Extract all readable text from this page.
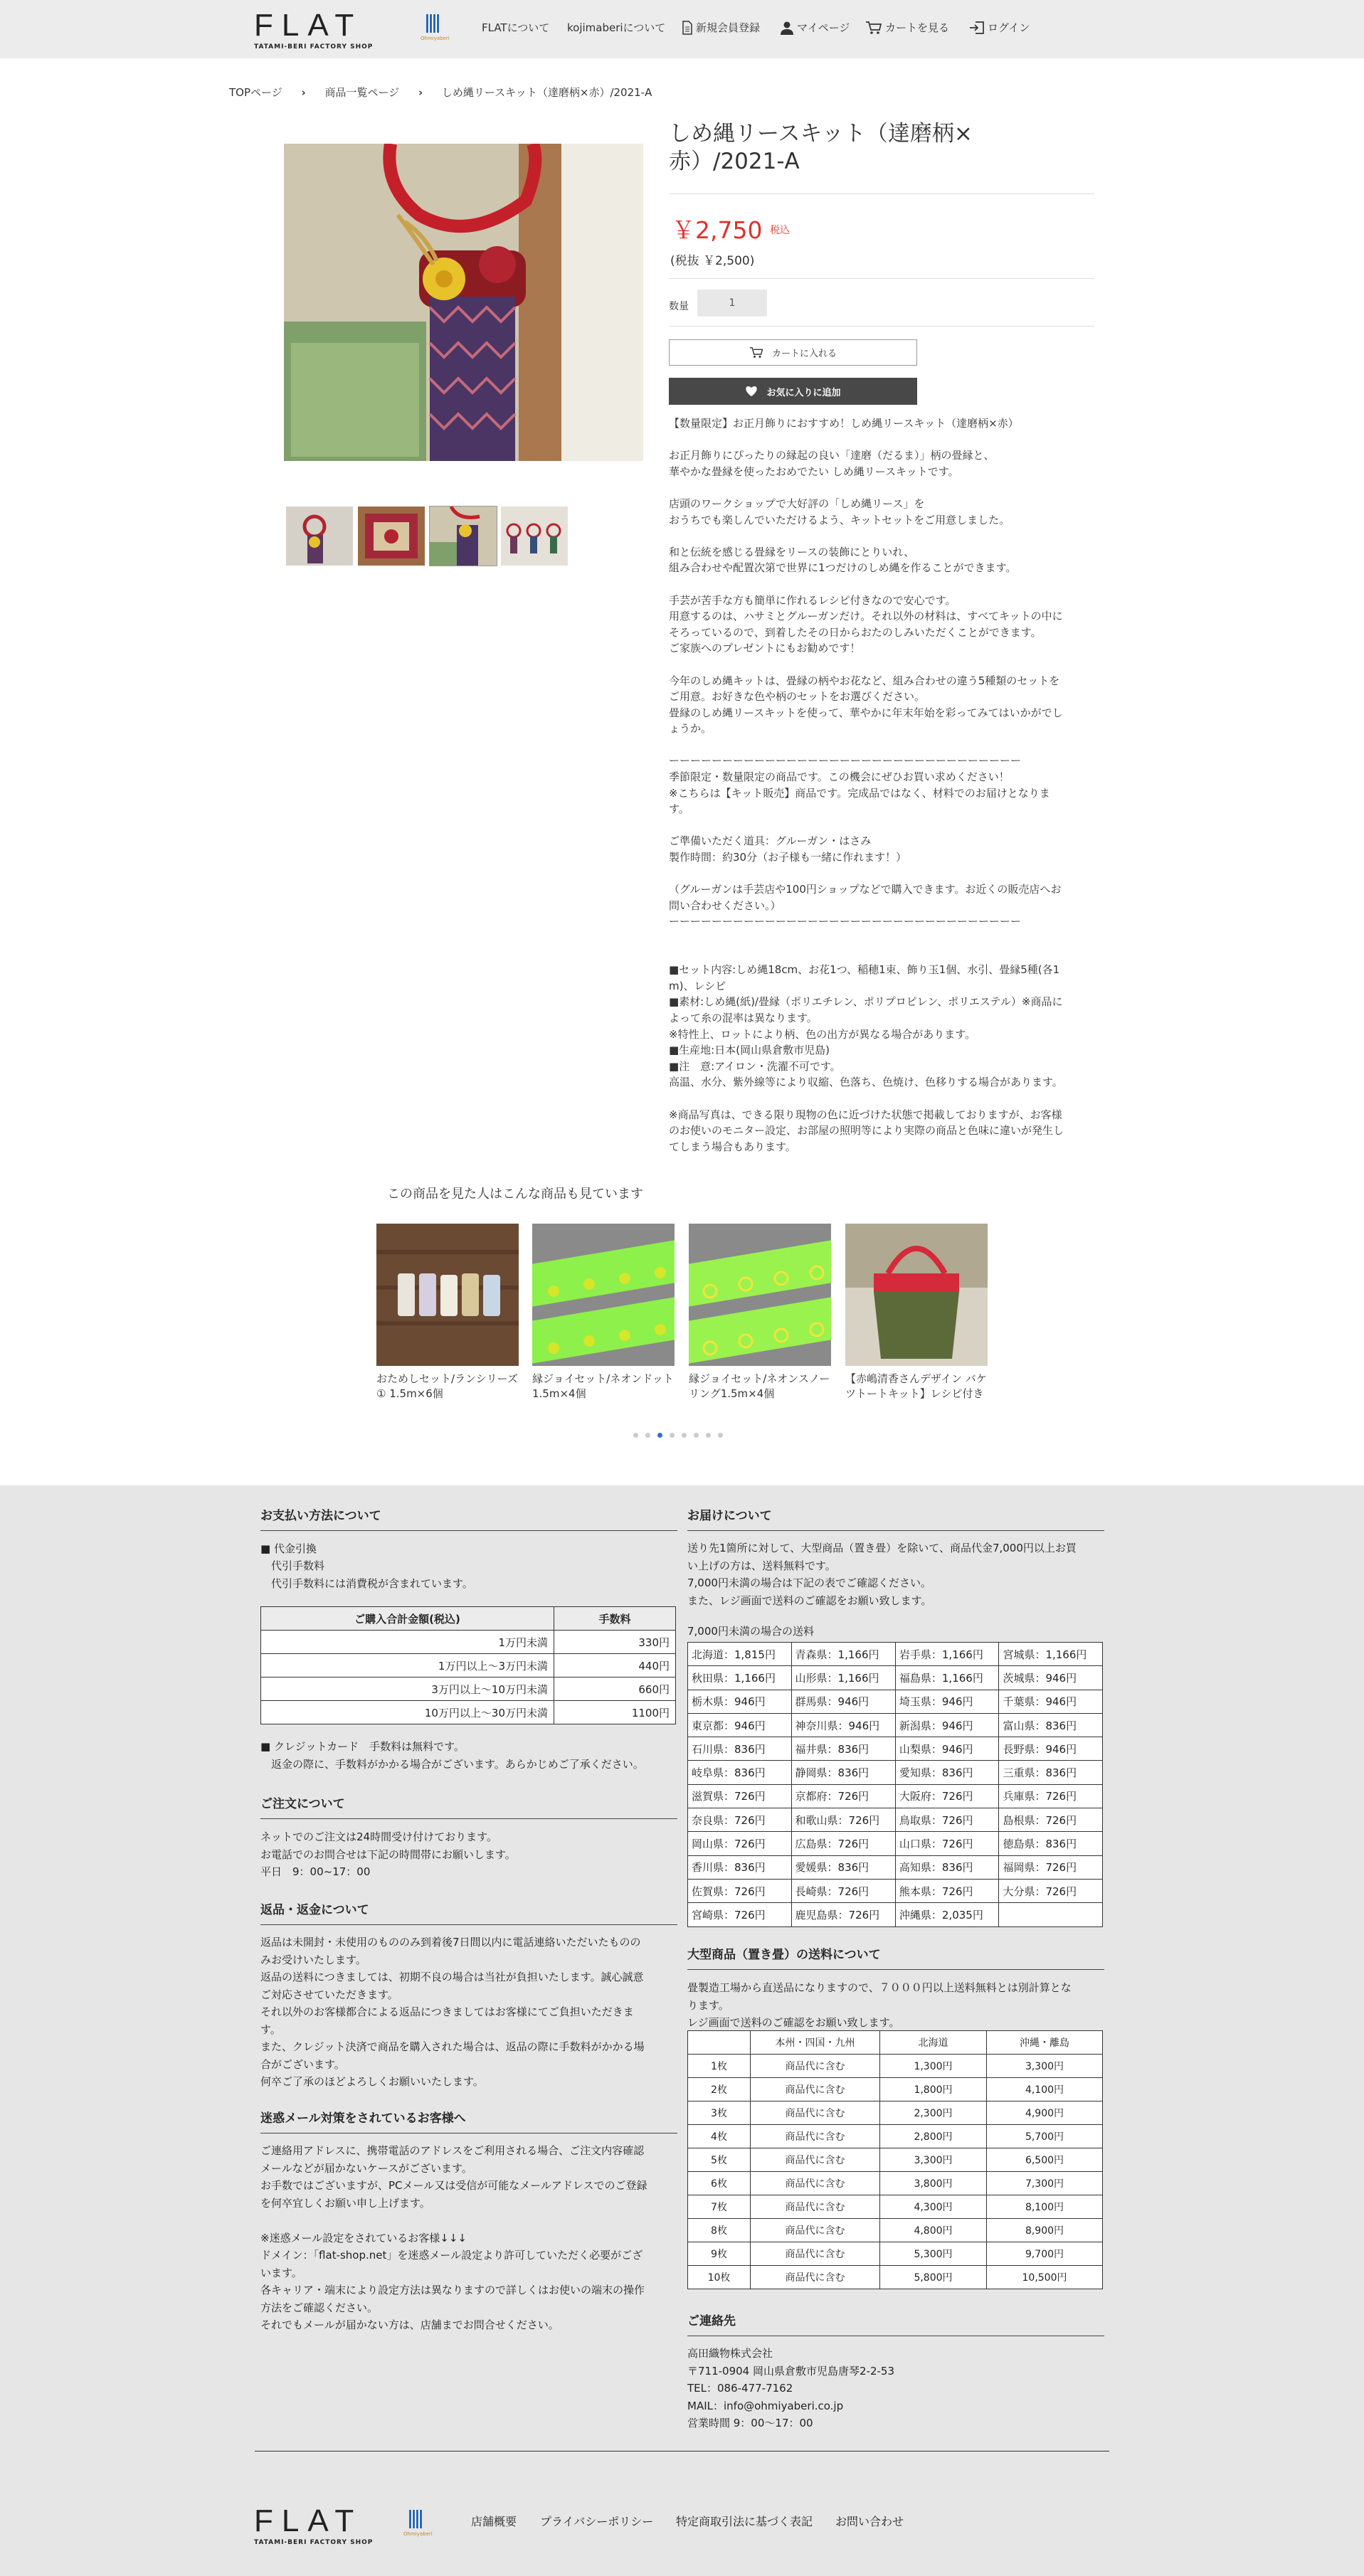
FLAT
TATAMI-BERI FACTORY SHOP
Ohmiyaberi
FLATについて kojimaberiについて	新規会員登録	マイページ	カートを見る	ログイン
TOPページ › 商品一覧ページ › しめ縄リースキット（達磨柄×赤）/2021-A
しめ縄リースキット（達磨柄×赤）/2021-A
￥2,750 税込
(税抜 ￥2,500)
数量
1
カートに入れる
お気に入りに追加

【数量限定】お正月飾りにおすすめ！しめ縄リースキット（達磨柄×赤）

お正月飾りにぴったりの縁起の良い「達磨（だるま）」柄の畳縁と、

華やかな畳縁を使ったおめでたい しめ縄リースキットです。

店頭のワークショップで大好評の「しめ縄リース」を

おうちでも楽しんでいただけるよう、キットセットをご用意しました。

和と伝統を感じる畳縁をリースの装飾にとりいれ、

組み合わせや配置次第で世界に1つだけのしめ縄を作ることができます。

手芸が苦手な方も簡単に作れるレシピ付きなので安心です。

用意するのは、ハサミとグルーガンだけ。それ以外の材料は、すべてキットの中に

そろっているので、到着したその日からおたのしみいただくことができます。

ご家族へのプレゼントにもお勧めです！

今年のしめ縄キットは、畳縁の柄やお花など、組み合わせの違う5種類のセットを

ご用意。お好きな色や柄のセットをお選びください。

畳縁のしめ縄リースキットを使って、華やかに年末年始を彩ってみてはいかがでし

ょうか。

ーーーーーーーーーーーーーーーーーーーーーーーーーーーーーーーーー

季節限定・数量限定の商品です。この機会にぜひお買い求めください！

※こちらは【キット販売】商品です。完成品ではなく、材料でのお届けとなりま

す。

ご準備いただく道具：グルーガン・はさみ

製作時間：約30分（お子様も一緒に作れます！）

（グルーガンは手芸店や100円ショップなどで購入できます。お近くの販売店へお

問い合わせください。）

ーーーーーーーーーーーーーーーーーーーーーーーーーーーーーーーーー

■セット内容:しめ縄18cm、お花1つ、稲穂1束、飾り玉1個、水引、畳縁5種(各1

m)、レシピ

■素材:しめ縄(紙)/畳縁（ポリエチレン、ポリプロピレン、ポリエステル）※商品に

よって糸の混率は異なります。

※特性上、ロットにより柄、色の出方が異なる場合があります。

■生産地:日本(岡山県倉敷市児島)

■注　意:アイロン・洗濯不可です。

高温、水分、紫外線等により収縮、色落ち、色焼け、色移りする場合があります。

※商品写真は、できる限り現物の色に近づけた状態で掲載しておりますが、お客様

のお使いのモニター設定、お部屋の照明等により実際の商品と色味に違いが発生し

てしまう場合もあります。

この商品を見た人はこんな商品も見ています
おためしセット/ランシリーズ① 1.5m×6個
縁ジョイセット/ネオンドット1.5m×4個
縁ジョイセット/ネオンスノーリング1.5m×4個
【赤嶋清香さんデザイン バケツトートキット】レシピ付き
お支払い方法について
■ 代金引換
　代引手数料
　代引手数料には消費税が含まれています。
ご購入合計金額(税込)	手数料
1万円未満	330円
1万円以上～3万円未満	440円
3万円以上～10万円未満	660円
10万円以上～30万円未満	1100円
■ クレジットカード　手数料は無料です。
　返金の際に、手数料がかかる場合がございます。あらかじめご了承ください。
ご注文について
ネットでのご注文は24時間受け付けております。
お電話でのお問合せは下記の時間帯にお願いします。
平日　9：00~17：00
返品・返金について
返品は未開封・未使用のもののみ到着後7日間以内に電話連絡いただいたものの
みお受けいたします。
返品の送料につきましては、初期不良の場合は当社が負担いたします。誠心誠意
ご対応させていただきます。
それ以外のお客様都合による返品につきましてはお客様にてご負担いただきま
す。
また、クレジット決済で商品を購入された場合は、返品の際に手数料がかかる場
合がございます。
何卒ご了承のほどよろしくお願いいたします。
迷惑メール対策をされているお客様へ
ご連絡用アドレスに、携帯電話のアドレスをご利用される場合、ご注文内容確認
メールなどが届かないケースがございます。
お手数ではございますが、PCメール又は受信が可能なメールアドレスでのご登録
を何卒宜しくお願い申し上げます。

※迷惑メール設定をされているお客様↓↓↓
ドメイン：「flat-shop.net」を迷惑メール設定より許可していただく必要がござ
います。
各キャリア・端末により設定方法は異なりますので詳しくはお使いの端末の操作
方法をご確認ください。
それでもメールが届かない方は、店舗までお問合せください。
お届けについて
送り先1箇所に対して、大型商品（置き畳）を除いて、商品代金7,000円以上お買
い上げの方は、送料無料です。
7,000円未満の場合は下記の表でご確認ください。
また、レジ画面で送料のご確認をお願い致します。
7,000円未満の場合の送料
北海道：1,815円	青森県：1,166円	岩手県：1,166円	宮城県：1,166円
秋田県：1,166円	山形県：1,166円	福島県：1,166円	茨城県：946円
栃木県：946円	群馬県：946円	埼玉県：946円	千葉県：946円
東京都：946円	神奈川県：946円	新潟県：946円	富山県：836円
石川県：836円	福井県：836円	山梨県：946円	長野県：946円
岐阜県：836円	静岡県：836円	愛知県：836円	三重県：836円
滋賀県：726円	京都府：726円	大阪府：726円	兵庫県：726円
奈良県：726円	和歌山県：726円	鳥取県：726円	島根県：726円
岡山県：726円	広島県：726円	山口県：726円	徳島県：836円
香川県：836円	愛媛県：836円	高知県：836円	福岡県：726円
佐賀県：726円	長崎県：726円	熊本県：726円	大分県：726円
宮崎県：726円	鹿児島県：726円	沖縄県：2,035円	
大型商品（置き畳）の送料について
畳製造工場から直送品になりますので、７０００円以上送料無料とは別計算とな
ります。
レジ画面で送料のご確認をお願い致します。
	本州・四国・九州	北海道	沖縄・離島
1枚	商品代に含む	1,300円	3,300円
2枚	商品代に含む	1,800円	4,100円
3枚	商品代に含む	2,300円	4,900円
4枚	商品代に含む	2,800円	5,700円
5枚	商品代に含む	3,300円	6,500円
6枚	商品代に含む	3,800円	7,300円
7枚	商品代に含む	4,300円	8,100円
8枚	商品代に含む	4,800円	8,900円
9枚	商品代に含む	5,300円	9,700円
10枚	商品代に含む	5,800円	10,500円
ご連絡先
高田織物株式会社
〒711-0904 岡山県倉敷市児島唐琴2-2-53
TEL：086-477-7162
MAIL：info@ohmiyaberi.co.jp
営業時間 9：00～17：00
FLAT
TATAMI-BERI FACTORY SHOP
Ohmiyaberi
店舗概要 プライバシーポリシー 特定商取引法に基づく表記 お問い合わせ
